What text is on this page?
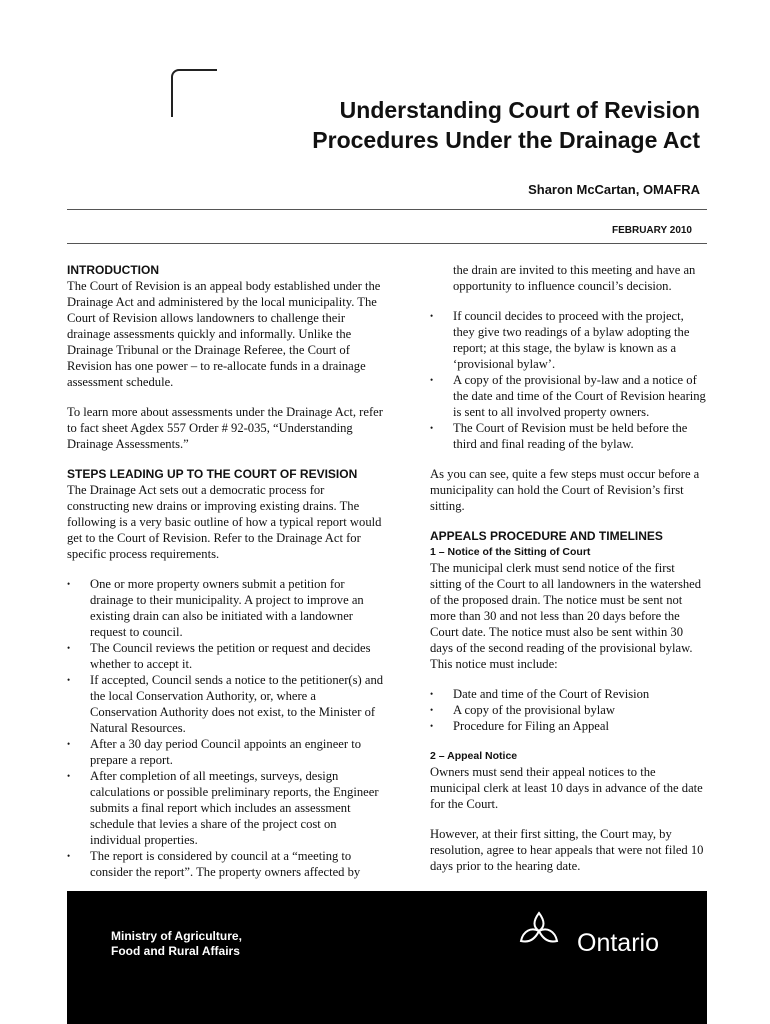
Understanding Court of Revision
Procedures Under the Drainage Act
Sharon McCartan, OMAFRA
FEBRUARY 2010
INTRODUCTION

The Court of Revision is an appeal body established under the Drainage Act and administered by the local municipality. The Court of Revision allows landowners to challenge their drainage assessments quickly and informally. Unlike the Drainage Tribunal or the Drainage Referee, the Court of Revision has one power – to re-allocate funds in a drainage assessment schedule.

To learn more about assessments under the Drainage Act, refer to fact sheet Agdex 557 Order # 92-035, “Understanding Drainage Assessments.”

STEPS LEADING UP TO THE COURT OF REVISION

The Drainage Act sets out a democratic process for constructing new drains or improving existing drains. The following is a very basic outline of how a typical report would get to the Court of Revision. Refer to the Drainage Act for specific process requirements.

• One or more property owners submit a petition for drainage to their municipality. A project to improve an existing drain can also be initiated with a landowner request to council.
• The Council reviews the petition or request and decides whether to accept it.
• If accepted, Council sends a notice to the petitioner(s) and the local Conservation Authority, or, where a Conservation Authority does not exist, to the Minister of Natural Resources.
• After a 30 day period Council appoints an engineer to prepare a report.
• After completion of all meetings, surveys, design calculations or possible preliminary reports, the Engineer submits a final report which includes an assessment schedule that levies a share of the project cost on individual properties.
• The report is considered by council at a “meeting to consider the report”. The property owners affected by

the drain are invited to this meeting and have an opportunity to influence council’s decision.

• If council decides to proceed with the project, they give two readings of a bylaw adopting the report; at this stage, the bylaw is known as a ‘provisional bylaw’.
• A copy of the provisional by-law and a notice of the date and time of the Court of Revision hearing is sent to all involved property owners.
• The Court of Revision must be held before the third and final reading of the bylaw.

As you can see, quite a few steps must occur before a municipality can hold the Court of Revision’s first sitting.

APPEALS PROCEDURE AND TIMELINES
1 – Notice of the Sitting of Court

The municipal clerk must send notice of the first sitting of the Court to all landowners in the watershed of the proposed drain. The notice must be sent not more than 30 and not less than 20 days before the Court date. The notice must also be sent within 30 days of the second reading of the provisional bylaw. This notice must include:

• Date and time of the Court of Revision
• A copy of the provisional bylaw
• Procedure for Filing an Appeal
2 – Appeal Notice

Owners must send their appeal notices to the municipal clerk at least 10 days in advance of the date for the Court.

However, at their first sitting, the Court may, by resolution, agree to hear appeals that were not filed 10 days prior to the hearing date.

Ministry of Agriculture,
Food and Rural Affairs	Ontario
